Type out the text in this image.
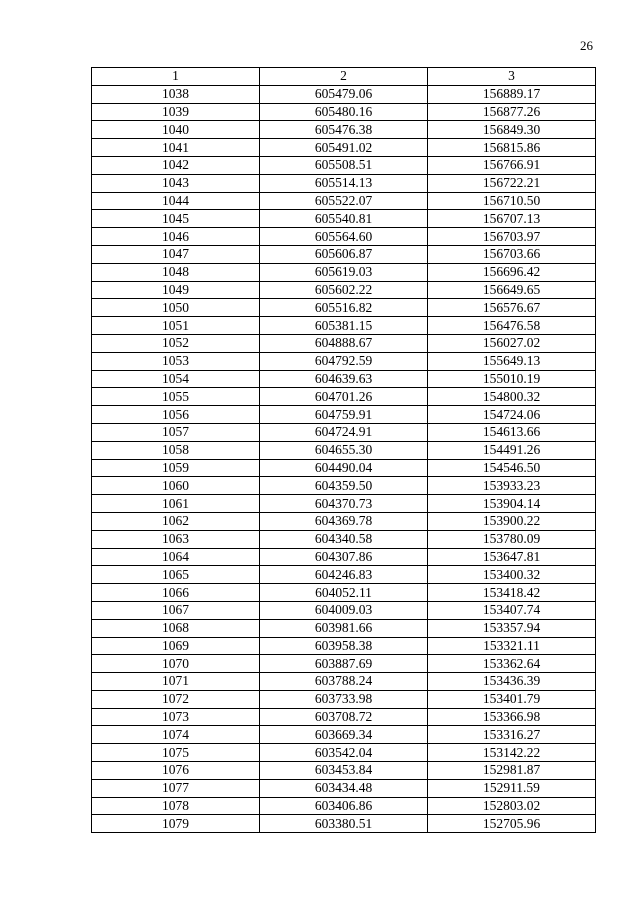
26
1	2	3
1038	605479.06	156889.17
1039	605480.16	156877.26
1040	605476.38	156849.30
1041	605491.02	156815.86
1042	605508.51	156766.91
1043	605514.13	156722.21
1044	605522.07	156710.50
1045	605540.81	156707.13
1046	605564.60	156703.97
1047	605606.87	156703.66
1048	605619.03	156696.42
1049	605602.22	156649.65
1050	605516.82	156576.67
1051	605381.15	156476.58
1052	604888.67	156027.02
1053	604792.59	155649.13
1054	604639.63	155010.19
1055	604701.26	154800.32
1056	604759.91	154724.06
1057	604724.91	154613.66
1058	604655.30	154491.26
1059	604490.04	154546.50
1060	604359.50	153933.23
1061	604370.73	153904.14
1062	604369.78	153900.22
1063	604340.58	153780.09
1064	604307.86	153647.81
1065	604246.83	153400.32
1066	604052.11	153418.42
1067	604009.03	153407.74
1068	603981.66	153357.94
1069	603958.38	153321.11
1070	603887.69	153362.64
1071	603788.24	153436.39
1072	603733.98	153401.79
1073	603708.72	153366.98
1074	603669.34	153316.27
1075	603542.04	153142.22
1076	603453.84	152981.87
1077	603434.48	152911.59
1078	603406.86	152803.02
1079	603380.51	152705.96
